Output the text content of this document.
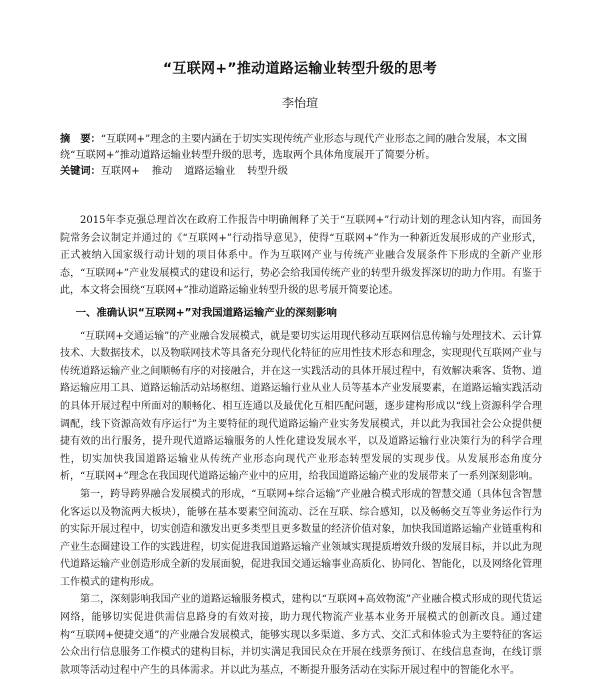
“互联网+”推动道路运输业转型升级的思考
李怡瑄
摘　要：“互联网+”理念的主要内涵在于切实实现传统产业形态与现代产业形态之间的融合发展，本文围绕“互联网+”推动道路运输业转型升级的思考，选取两个具体角度展开了简要分析。
关键词：互联网+ 推动 道路运输业 转型升级

2015年李克强总理首次在政府工作报告中明确阐释了关于“互联网+”行动计划的理念认知内容，而国务院常务会议制定并通过的《“互联网+”行动指导意见》，使得“互联网+”作为一种新近发展形成的产业形式，正式被纳入国家级行动计划的项目体系中。作为互联网产业与传统产业融合发展条件下形成的全新产业形态，“互联网+”产业发展模式的建设和运行，势必会给我国传统产业的转型升级发挥深切的助力作用。有鉴于此，本文将会围绕“互联网+”推动道路运输业转型升级的思考展开简要论述。

一、准确认识“互联网+”对我国道路运输产业的深刻影响

“互联网+交通运输”的产业融合发展模式，就是要切实运用现代移动互联网信息传输与处理技术、云计算技术、大数据技术，以及物联网技术等具备充分现代化特征的应用性技术形态和理念，实现现代互联网产业与传统道路运输产业之间顺畅有序的对接融合，并在这一实践活动的具体开展过程中，有效解决乘客、货物、道路运输应用工具、道路运输活动站场枢纽、道路运输行业从业人员等基本产业发展要素，在道路运输实践活动的具体开展过程中所面对的顺畅化、相互连通以及最优化互相匹配问题，逐步建构形成以“线上资源科学合理调配，线下资源高效有序运行”为主要特征的现代道路运输产业实务发展模式，并以此为我国社会公众提供便捷有效的出行服务，提升现代道路运输服务的人性化建设发展水平，以及道路运输行业决策行为的科学合理性，切实加快我国道路运输业从传统产业形态向现代产业形态转型发展的实现步伐。从发展形态角度分析，“互联网+”理念在我国现代道路运输产业中的应用，给我国道路运输产业的发展带来了一系列深刻影响。

第一，跨导跨界融合发展模式的形成，“互联网+综合运输”产业融合模式形成的智慧交通（具体包含智慧化客运以及物流两大板块），能够在基本要素空间流动、泛在互联、综合感知，以及畅畅交互等业务运作行为的实际开展过程中，切实创造和激发出更多类型且更多数量的经济价值对象，加快我国道路运输产业链重构和产业生态圈建设工作的实践进程，切实促进我国道路运输产业领域实现提质增效升级的发展目标，并以此为现代道路运输产业创造形成全新的发展面貌，促进我国交通运输事业高质化、协同化、智能化，以及网络化管理工作模式的建构形成。

第二，深刻影响我国产业的道路运输服务模式，建构以“互联网+高效物流”产业融合模式形成的现代货运网络，能够切实促进供需信息路身的有效对接，助力现代物流产业基本业务开展模式的创新改良。通过建构“互联网+便捷交通”的产业融合发展模式，能够实现以多渠道、多方式、交汇式和体验式为主要特征的客运公众出行信息服务工作模式的建构目标，并切实满足我国民众在开展在线票务预订、在线信息查询，在线订票款项等活动过程中产生的具体需求。并以此为基点，不断提升服务活动在实际开展过程中的智能化水平。
